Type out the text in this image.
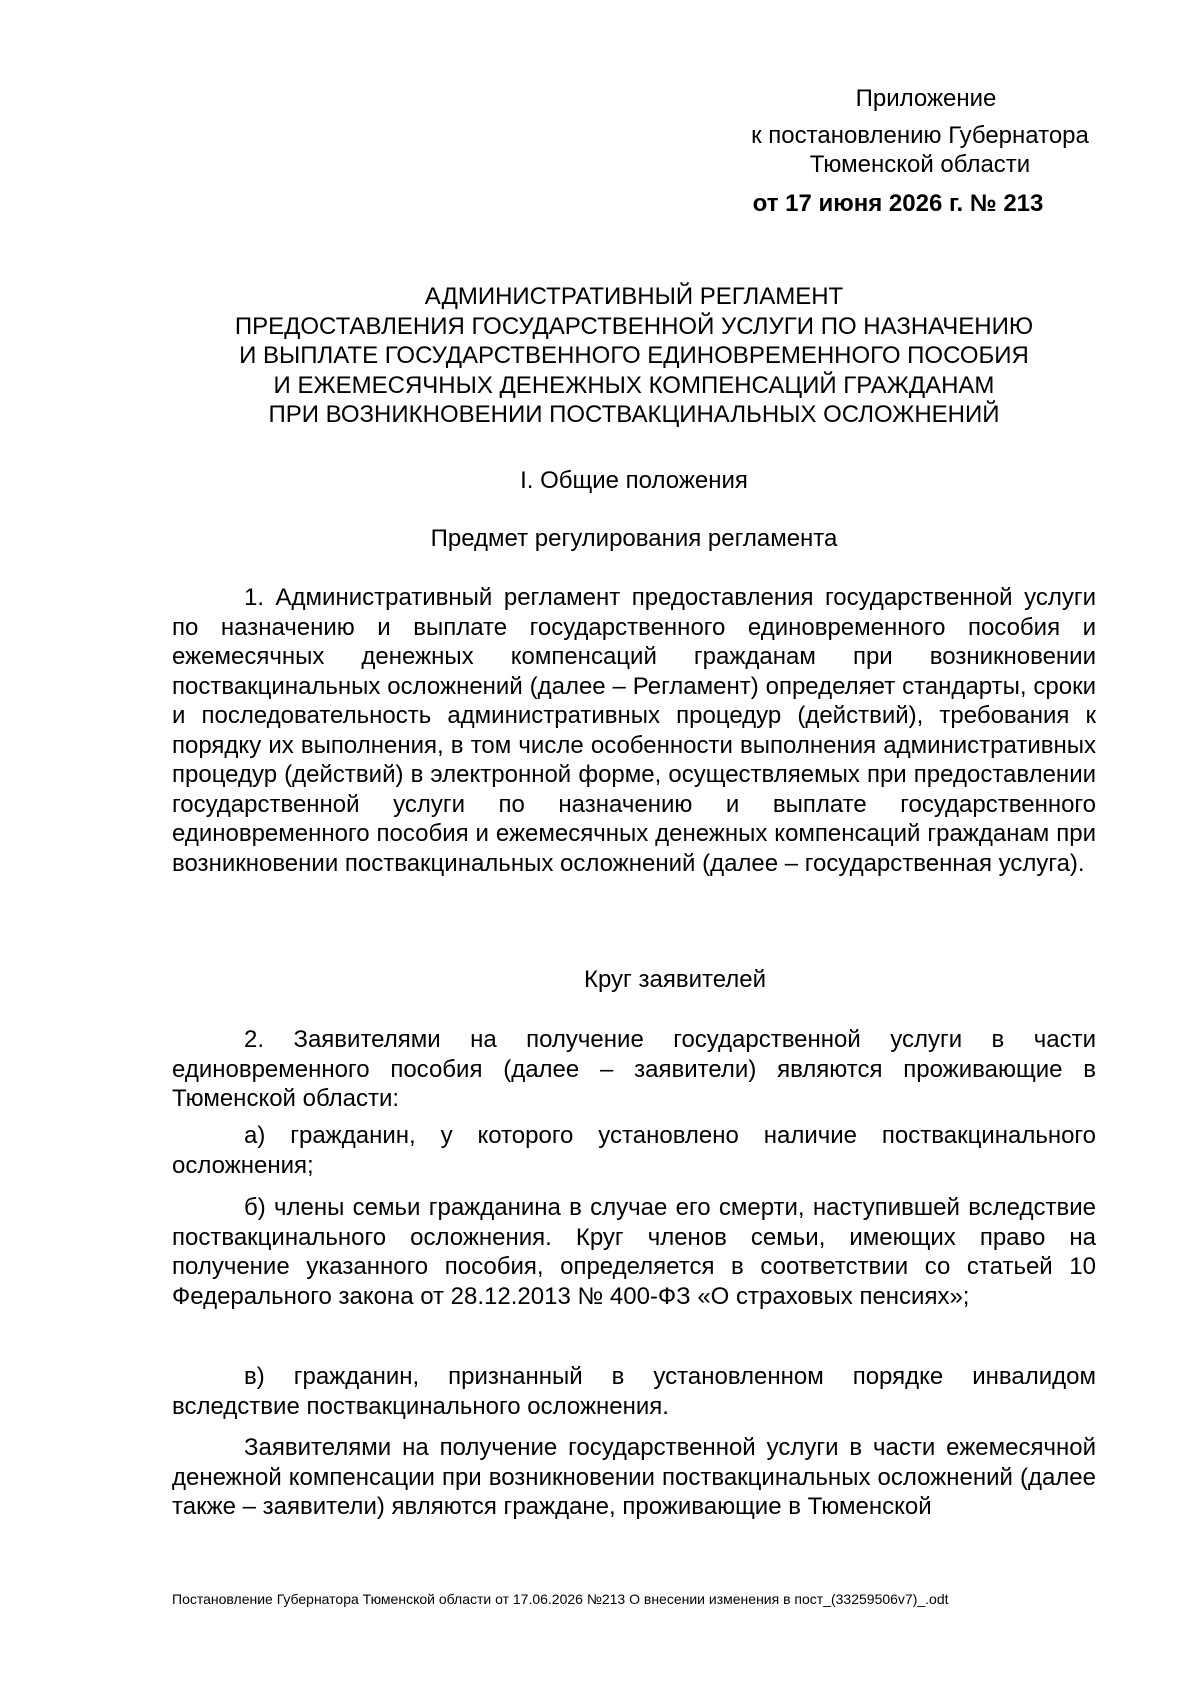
Приложение
к постановлению Губернатора
Тюменской области
от 17 июня 2026 г. № 213
АДМИНИСТРАТИВНЫЙ РЕГЛАМЕНТ
ПРЕДОСТАВЛЕНИЯ ГОСУДАРСТВЕННОЙ УСЛУГИ ПО НАЗНАЧЕНИЮ
И ВЫПЛАТЕ ГОСУДАРСТВЕННОГО ЕДИНОВРЕМЕННОГО ПОСОБИЯ
И ЕЖЕМЕСЯЧНЫХ ДЕНЕЖНЫХ КОМПЕНСАЦИЙ ГРАЖДАНАМ
ПРИ ВОЗНИКНОВЕНИИ ПОСТВАКЦИНАЛЬНЫХ ОСЛОЖНЕНИЙ
I. Общие положения
Предмет регулирования регламента

1. Административный регламент предоставления государственной услуги по назначению и выплате государственного единовременного пособия и ежемесячных денежных компенсаций гражданам при возникновении поствакцинальных осложнений (далее – Регламент) определяет стандарты, сроки и последовательность административных процедур (действий), требования к порядку их выполнения, в том числе особенности выполнения административных процедур (действий) в электронной форме, осуществляемых при предоставлении государственной услуги по назначению и выплате государственного единовременного пособия и ежемесячных денежных компенсаций гражданам при возникновении поствакцинальных осложнений (далее – государственная услуга).

Круг заявителей

2. Заявителями на получение государственной услуги в части единовременного пособия (далее – заявители) являются проживающие в Тюменской области:

а) гражданин, у которого установлено наличие поствакцинального осложнения;

б) члены семьи гражданина в случае его смерти, наступившей вследствие поствакцинального осложнения. Круг членов семьи, имеющих право на получение указанного пособия, определяется в соответствии со статьей 10 Федерального закона от 28.12.2013 № 400-ФЗ «О страховых пенсиях»;

в) гражданин, признанный в установленном порядке инвалидом вследствие поствакцинального осложнения.

Заявителями на получение государственной услуги в части ежемесячной денежной компенсации при возникновении поствакцинальных осложнений (далее также – заявители) являются граждане, проживающие в Тюменской

Постановление Губернатора Тюменской области от 17.06.2026 №213 О внесении изменения в пост_(33259506v7)_.odt
